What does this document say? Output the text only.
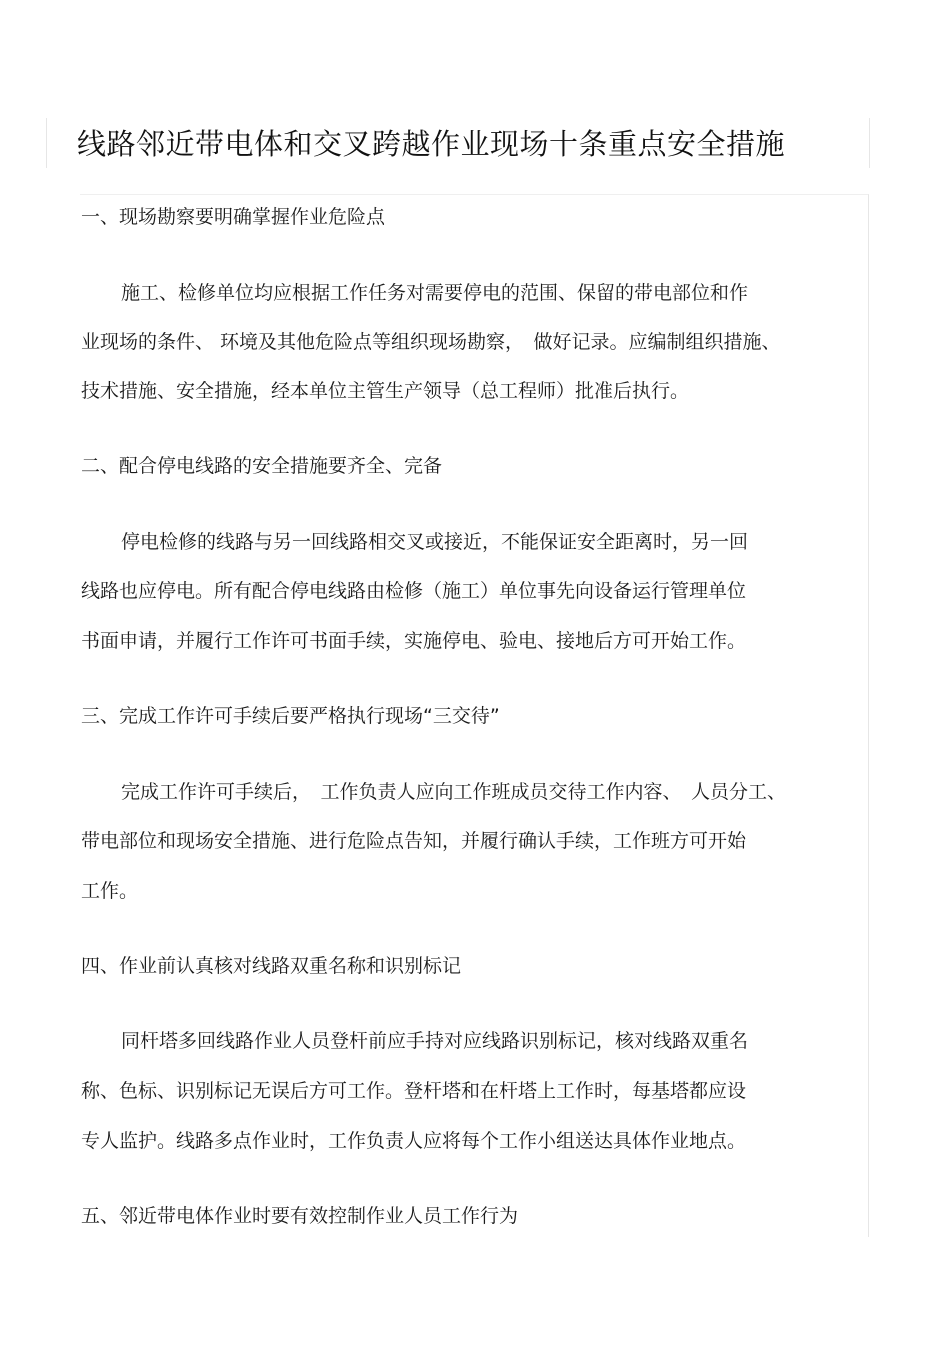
线路邻近带电体和交叉跨越作业现场十条重点安全措施

一、现场勘察要明确掌握作业危险点

施工、检修单位均应根据工作任务对需要停电的范围、保留的带电部位和作

业现场的条件、 环境及其他危险点等组织现场勘察，　做好记录。应编制组织措施、

技术措施、安全措施，经本单位主管生产领导（总工程师）批准后执行。

二、配合停电线路的安全措施要齐全、完备

停电检修的线路与另一回线路相交叉或接近，不能保证安全距离时，另一回

线路也应停电。所有配合停电线路由检修（施工）单位事先向设备运行管理单位

书面申请，并履行工作许可书面手续，实施停电、验电、接地后方可开始工作。

三、完成工作许可手续后要严格执行现场“三交待”

完成工作许可手续后，　工作负责人应向工作班成员交待工作内容、　人员分工、

带电部位和现场安全措施、进行危险点告知，并履行确认手续，工作班方可开始

工作。

四、作业前认真核对线路双重名称和识别标记

同杆塔多回线路作业人员登杆前应手持对应线路识别标记，核对线路双重名

称、色标、识别标记无误后方可工作。登杆塔和在杆塔上工作时，每基塔都应设

专人监护。线路多点作业时，工作负责人应将每个工作小组送达具体作业地点。

五、邻近带电体作业时要有效控制作业人员工作行为
